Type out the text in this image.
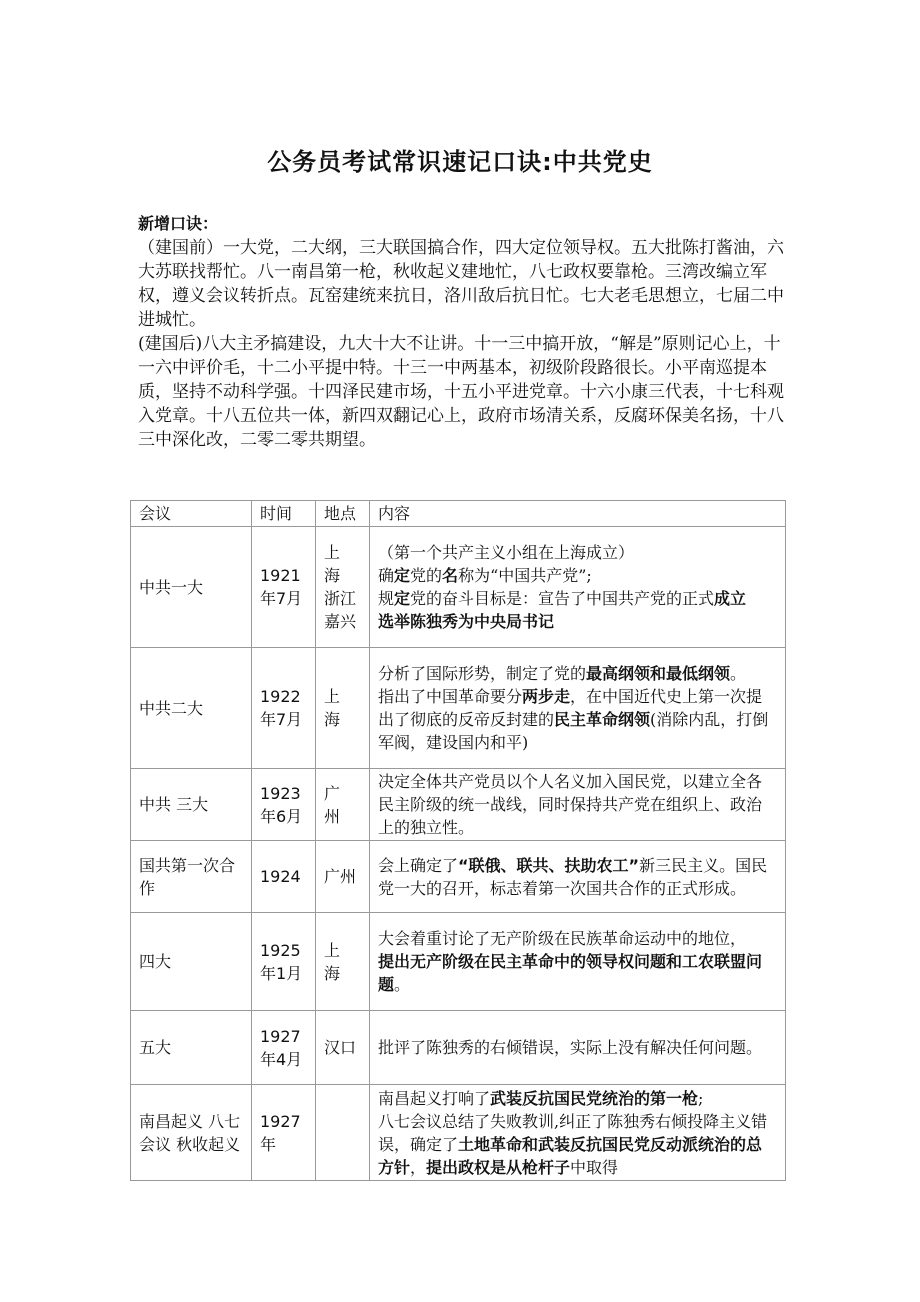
公务员考试常识速记口诀:中共党史

新增口诀：

（建国前）一大党，二大纲，三大联国搞合作，四大定位领导权。五大批陈打酱油，六大苏联找帮忙。八一南昌第一枪，秋收起义建地忙，八七政权要靠枪。三湾改编立军权，遵义会议转折点。瓦窑建统来抗日，洛川敌后抗日忙。七大老毛思想立，七届二中进城忙。

(建国后)八大主矛搞建设，九大十大不让讲。十一三中搞开放，“解是”原则记心上，十一六中评价毛，十二小平提中特。十三一中两基本，初级阶段路很长。小平南巡提本质，坚持不动科学强。十四泽民建市场，十五小平进党章。十六小康三代表，十七科观入党章。十八五位共一体，新四双翻记心上，政府市场清关系，反腐环保美名扬，十八三中深化改，二零二零共期望。

会议	时间	地点	内容
中共一大	1921年7月	上 海 浙江嘉兴	（第一个共产主义小组在上海成立）
确定党的名称为“中国共产党”;
规定党的奋斗目标是：宣告了中国共产党的正式成立
选举陈独秀为中央局书记

中共二大	1922年7月	上 海	分析了国际形势，制定了党的最高纲领和最低纲领。
指出了中国革命要分两步走，在中国近代史上第一次提出了彻底的反帝反封建的民主革命纲领(消除内乱，打倒军阀，建设国内和平)

中共 三大	1923年6月	广 州	决定全体共产党员以个人名义加入国民党，以建立全各民主阶级的统一战线，同时保持共产党在组织上、政治上的独立性。

国共第一次合作	1924	广州	会上确定了“联俄、联共、扶助农工”新三民主义。国民党一大的召开，标志着第一次国共合作的正式形成。

四大	1925年1月	上 海	大会着重讨论了无产阶级在民族革命运动中的地位，
提出无产阶级在民主革命中的领导权问题和工农联盟问题。

五大	1927年4月	汉口	批评了陈独秀的右倾错误，实际上没有解决任何问题。

南昌起义 八七会议 秋收起义	1927年		南昌起义打响了武装反抗国民党统治的第一枪;
八七会议总结了失败教训,纠正了陈独秀右倾投降主义错误，确定了土地革命和武装反抗国民党反动派统治的总方针，提出政权是从枪杆子中取得
